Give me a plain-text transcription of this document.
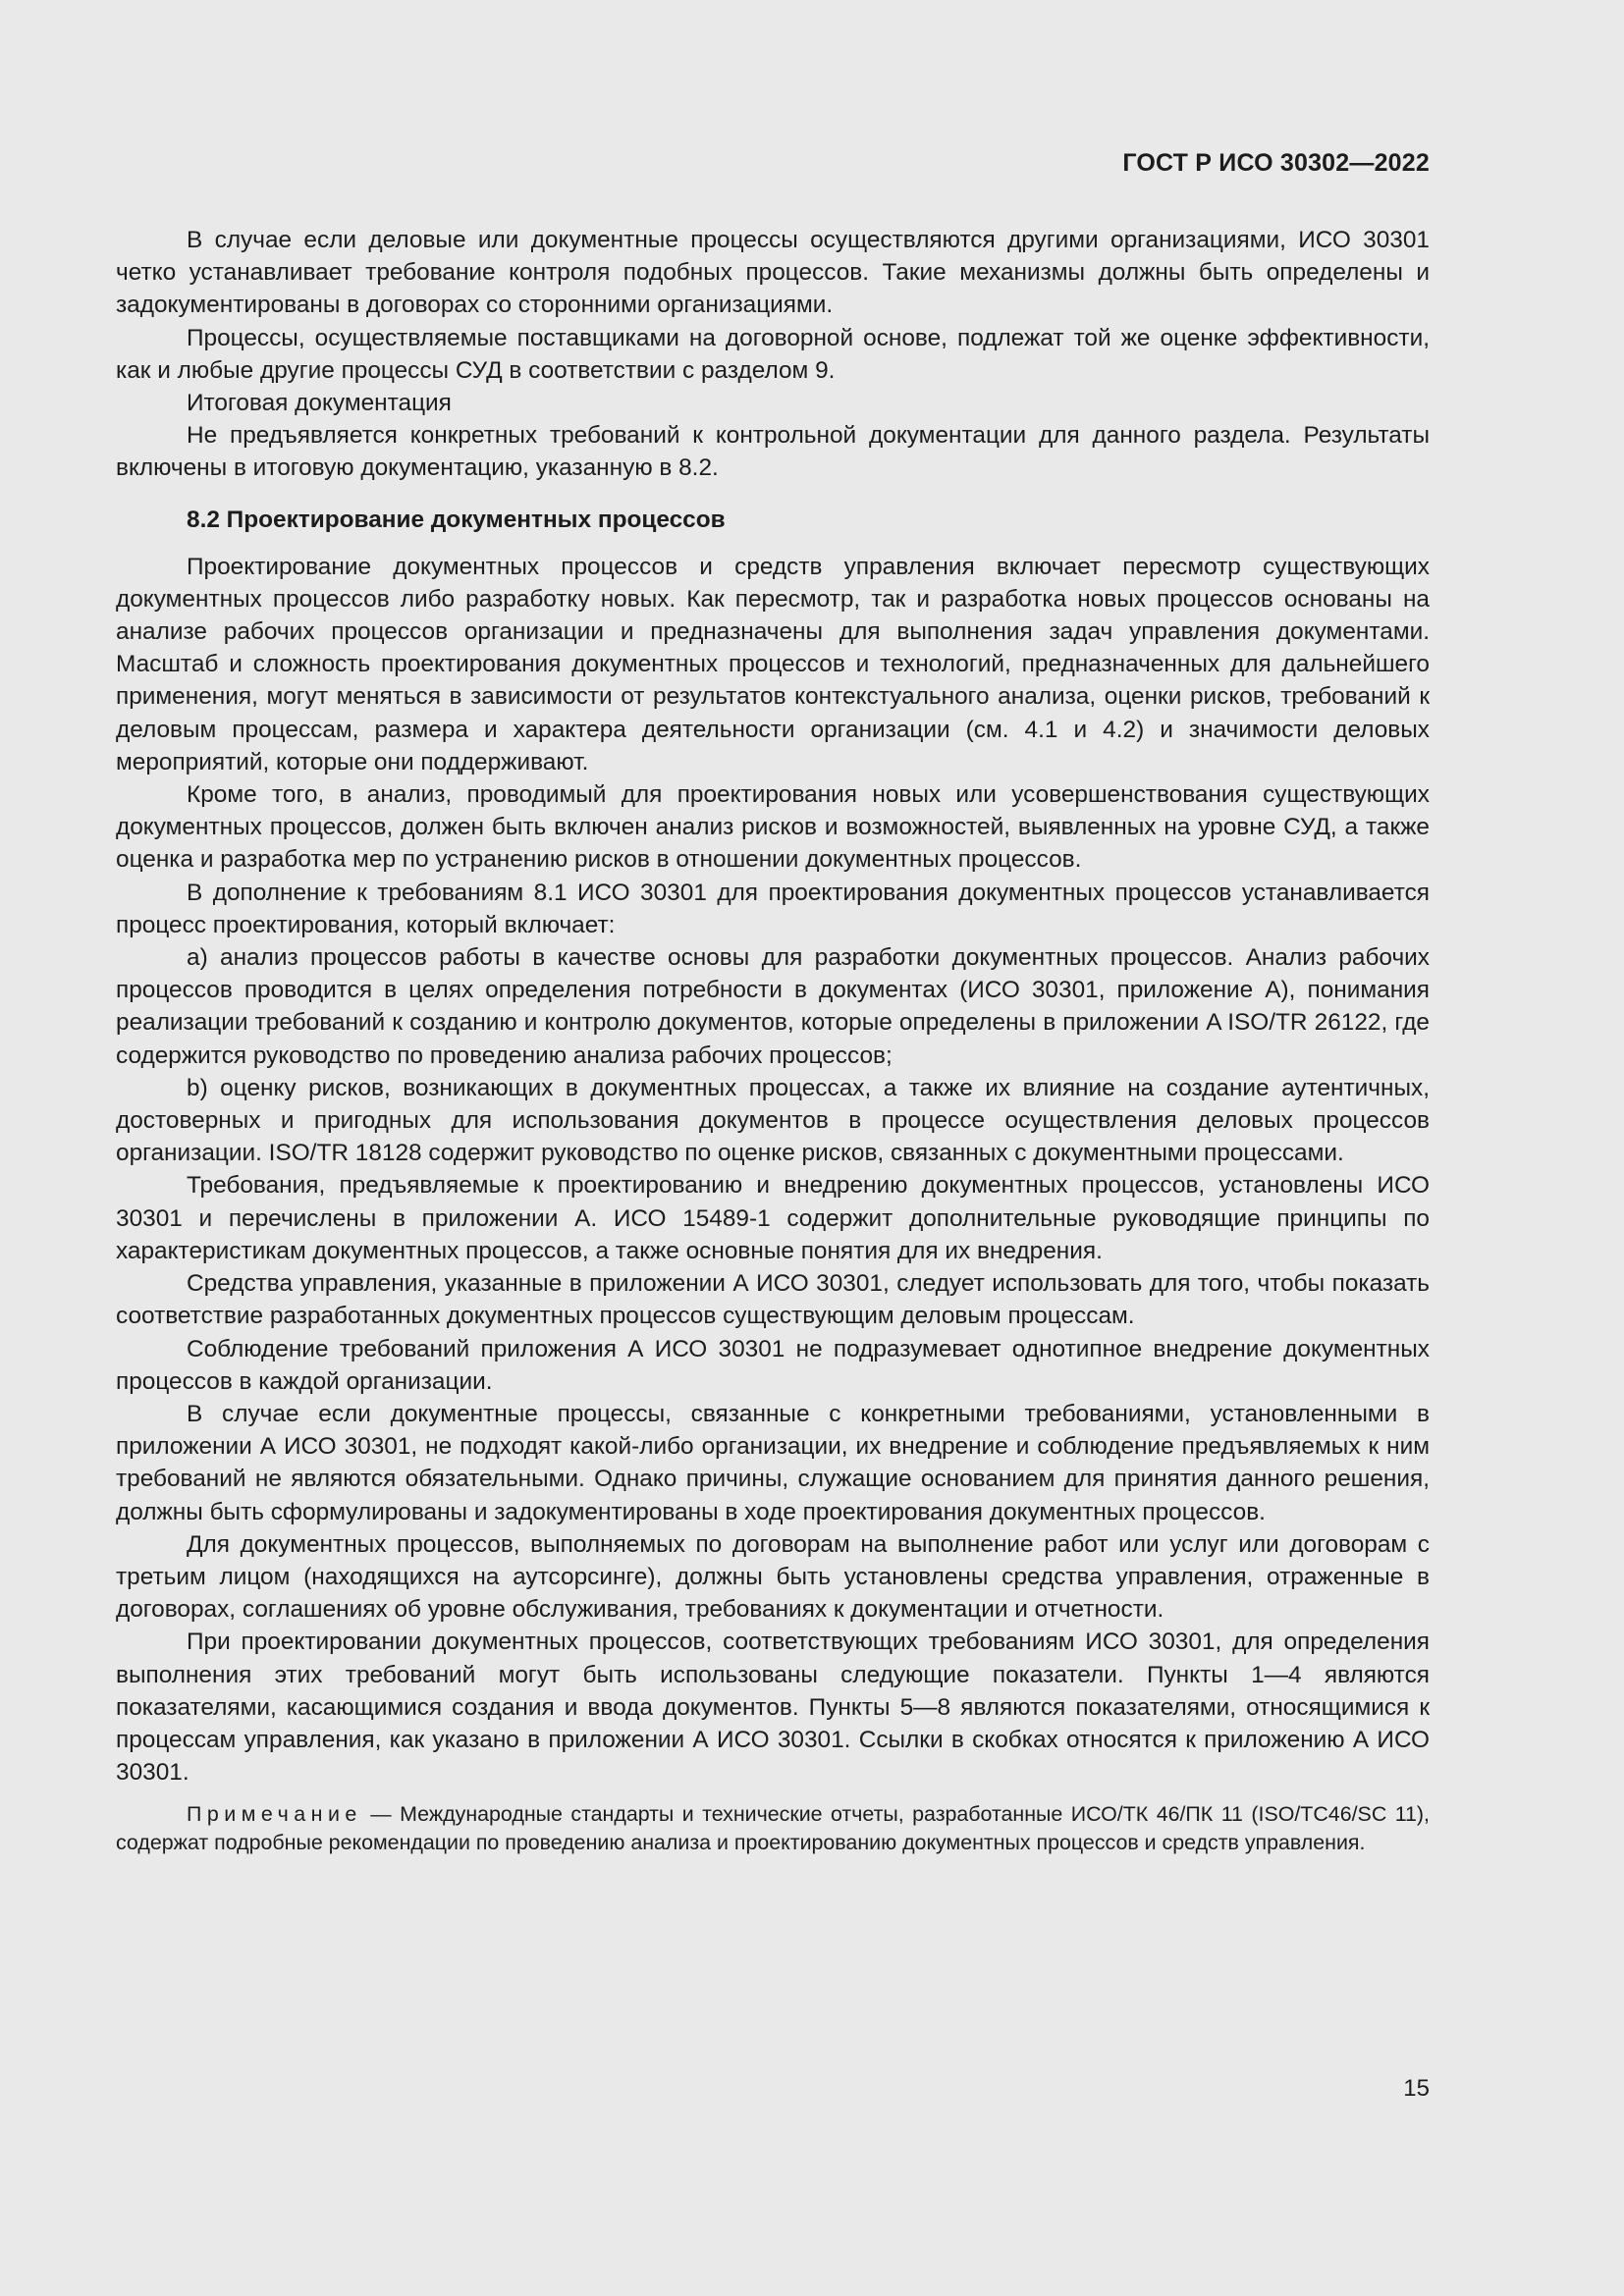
ГОСТ Р ИСО 30302—2022

В случае если деловые или документные процессы осуществляются другими организациями, ИСО 30301 четко устанавливает требование контроля подобных процессов. Такие механизмы должны быть определены и задокументированы в договорах со сторонними организациями.

Процессы, осуществляемые поставщиками на договорной основе, подлежат той же оценке эффективности, как и любые другие процессы СУД в соответствии с разделом 9.

Итоговая документация

Не предъявляется конкретных требований к контрольной документации для данного раздела. Результаты включены в итоговую документацию, указанную в 8.2.

8.2 Проектирование документных процессов

Проектирование документных процессов и средств управления включает пересмотр существующих документных процессов либо разработку новых. Как пересмотр, так и разработка новых процессов основаны на анализе рабочих процессов организации и предназначены для выполнения задач управления документами. Масштаб и сложность проектирования документных процессов и технологий, предназначенных для дальнейшего применения, могут меняться в зависимости от результатов контекстуального анализа, оценки рисков, требований к деловым процессам, размера и характера деятельности организации (см. 4.1 и 4.2) и значимости деловых мероприятий, которые они поддерживают.

Кроме того, в анализ, проводимый для проектирования новых или усовершенствования существующих документных процессов, должен быть включен анализ рисков и возможностей, выявленных на уровне СУД, а также оценка и разработка мер по устранению рисков в отношении документных процессов.

В дополнение к требованиям 8.1 ИСО 30301 для проектирования документных процессов устанавливается процесс проектирования, который включает:

a) анализ процессов работы в качестве основы для разработки документных процессов. Анализ рабочих процессов проводится в целях определения потребности в документах (ИСО 30301, приложение А), понимания реализации требований к созданию и контролю документов, которые определены в приложении A ISO/TR 26122, где содержится руководство по проведению анализа рабочих процессов;

b) оценку рисков, возникающих в документных процессах, а также их влияние на создание аутентичных, достоверных и пригодных для использования документов в процессе осуществления деловых процессов организации. ISO/TR 18128 содержит руководство по оценке рисков, связанных с документными процессами.

Требования, предъявляемые к проектированию и внедрению документных процессов, установлены ИСО 30301 и перечислены в приложении А. ИСО 15489-1 содержит дополнительные руководящие принципы по характеристикам документных процессов, а также основные понятия для их внедрения.

Средства управления, указанные в приложении А ИСО 30301, следует использовать для того, чтобы показать соответствие разработанных документных процессов существующим деловым процессам.

Соблюдение требований приложения А ИСО 30301 не подразумевает однотипное внедрение документных процессов в каждой организации.

В случае если документные процессы, связанные с конкретными требованиями, установленными в приложении А ИСО 30301, не подходят какой-либо организации, их внедрение и соблюдение предъявляемых к ним требований не являются обязательными. Однако причины, служащие основанием для принятия данного решения, должны быть сформулированы и задокументированы в ходе проектирования документных процессов.

Для документных процессов, выполняемых по договорам на выполнение работ или услуг или договорам с третьим лицом (находящихся на аутсорсинге), должны быть установлены средства управления, отраженные в договорах, соглашениях об уровне обслуживания, требованиях к документации и отчетности.

При проектировании документных процессов, соответствующих требованиям ИСО 30301, для определения выполнения этих требований могут быть использованы следующие показатели. Пункты 1—4 являются показателями, касающимися создания и ввода документов. Пункты 5—8 являются показателями, относящимися к процессам управления, как указано в приложении А ИСО 30301. Ссылки в скобках относятся к приложению А ИСО 30301.

Примечание — Международные стандарты и технические отчеты, разработанные ИСО/ТК 46/ПК 11 (ISO/TC46/SC 11), содержат подробные рекомендации по проведению анализа и проектированию документных процессов и средств управления.

15
